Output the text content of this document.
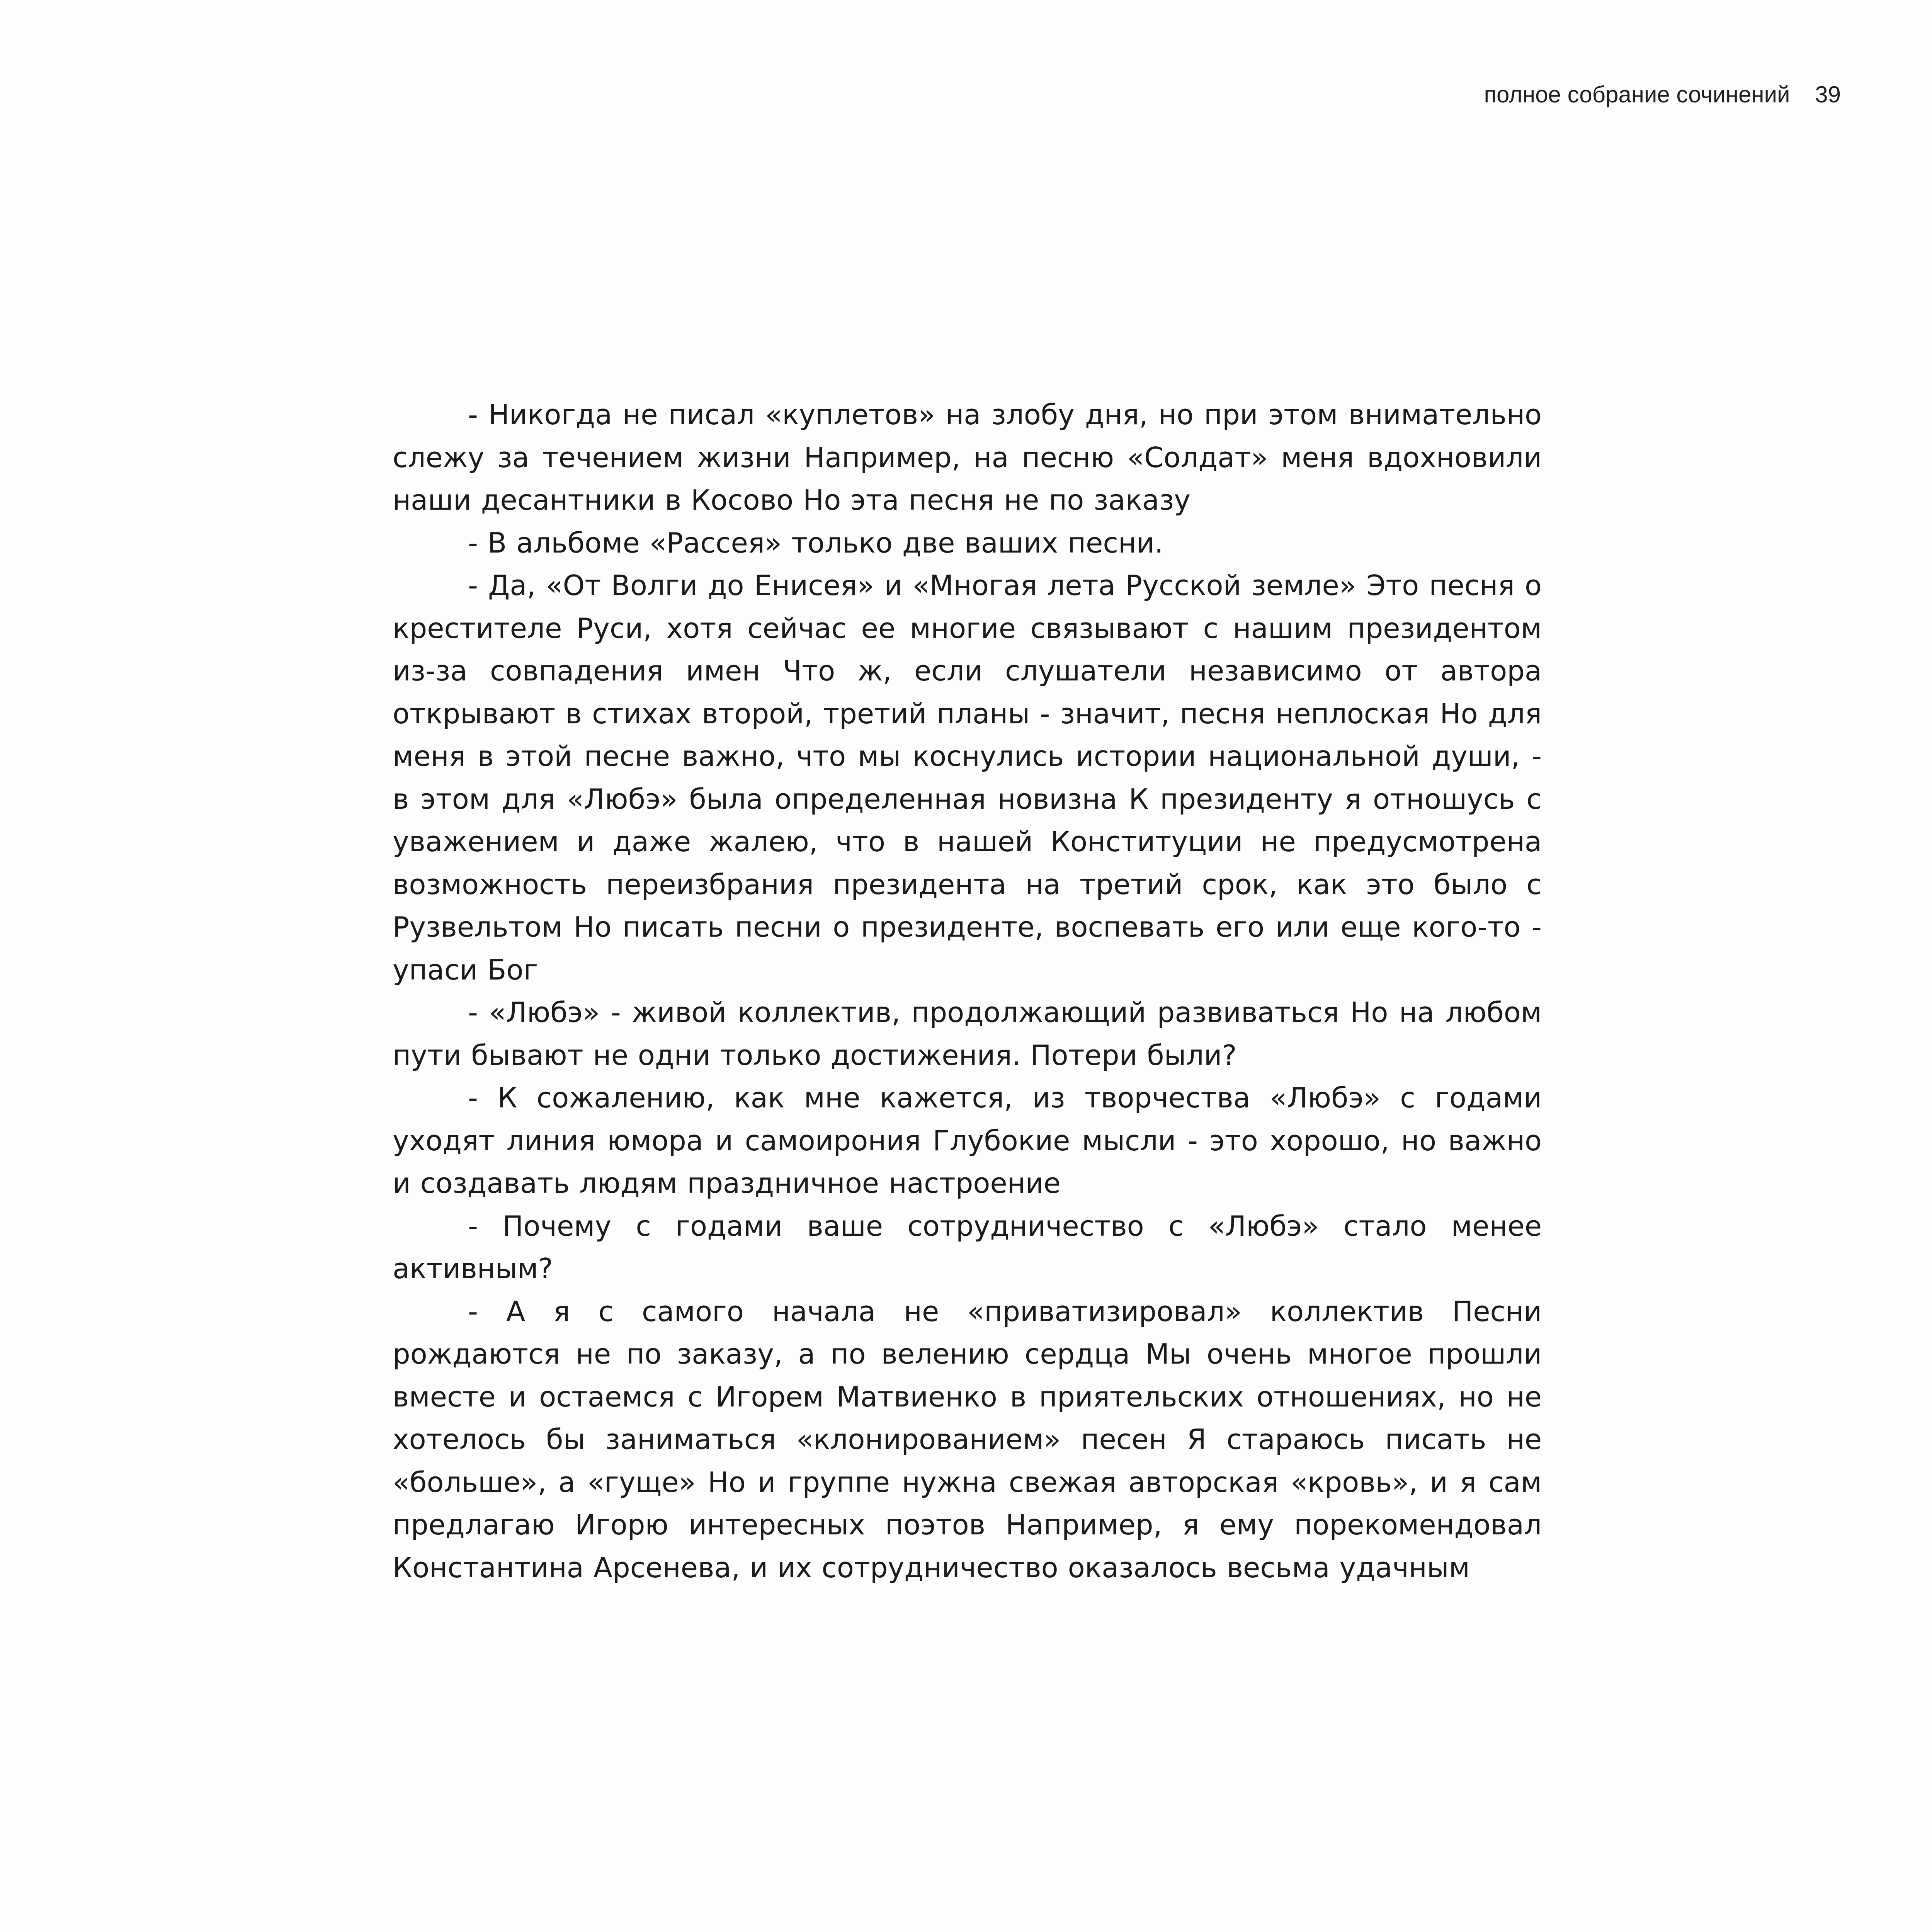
полное собрание сочинений 39

- Никогда не писал «куплетов» на злобу дня, но при этом внимательно слежу за течением жизни Например, на песню «Солдат» меня вдохновили наши десантники в Косово Но эта песня не по заказу

- В альбоме «Рассея» только две ваших песни.

- Да, «От Волги до Енисея» и «Многая лета Русской земле» Это песня о крестителе Руси, хотя сейчас ее многие связывают с нашим президентом из-за совпадения имен Что ж, если слушатели независимо от автора открывают в стихах второй, третий планы - значит, песня неплоская Но для меня в этой песне важно, что мы коснулись истории национальной души, - в этом для «Любэ» была определенная новизна К президенту я отношусь с уважением и даже жалею, что в нашей Конституции не предусмотрена возможность переизбрания президента на третий срок, как это было с Рузвельтом Но писать песни о президенте, воспевать его или еще кого-то - упаси Бог

- «Любэ» - живой коллектив, продолжающий развиваться Но на любом пути бывают не одни только достижения. Потери были?

- К сожалению, как мне кажется, из творчества «Любэ» с годами уходят линия юмора и самоирония Глубокие мысли - это хорошо, но важно и создавать людям праздничное настроение

- Почему с годами ваше сотрудничество с «Любэ» стало менее активным?

- А я с самого начала не «приватизировал» коллектив Песни рождаются не по заказу, а по велению сердца Мы очень многое прошли вместе и остаемся с Игорем Матвиенко в приятельских отношениях, но не хотелось бы заниматься «клонированием» песен Я стараюсь писать не «больше», а «гуще» Но и группе нужна свежая авторская «кровь», и я сам предлагаю Игорю интересных поэтов Например, я ему порекомендовал Константина Арсенева, и их сотрудничество оказалось весьма удачным
